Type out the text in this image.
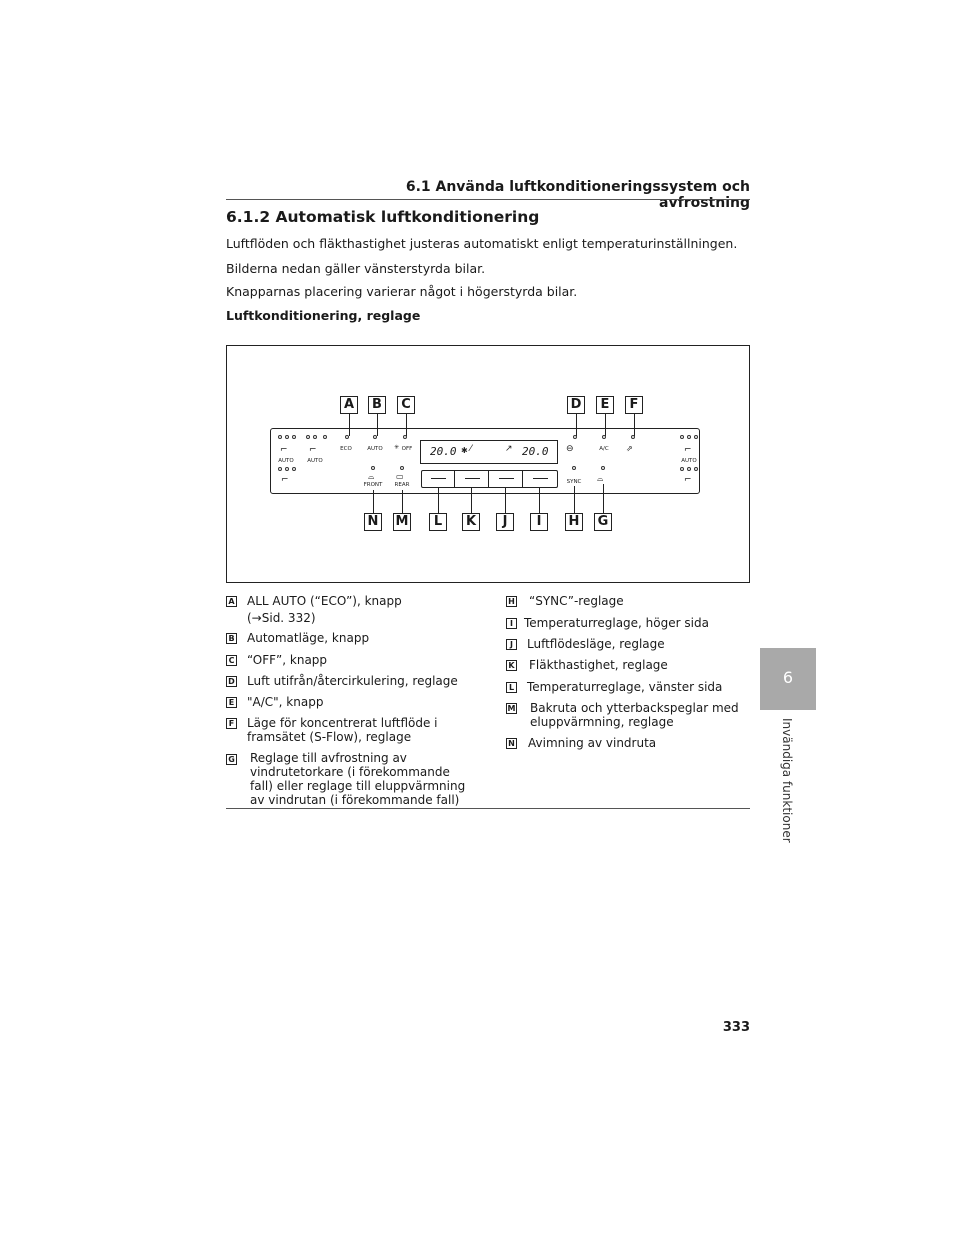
6.1 Använda luftkonditioneringssystem och avfrostning
6.1.2 Automatisk luftkonditionering
Luftflöden och fläkthastighet justeras automatiskt enligt temperaturinställningen.
Bilderna nedan gäller vänsterstyrda bilar.
Knapparnas placering varierar något i högerstyrda bilar.
Luftkonditionering, reglage
A	B	C	D	E	F
⌐
AUTO
⌐
AUTO
⌐
ECO	AUTO	✳ OFF 20.0 ✱ ⁄	↗ 20.0 ⊖	A/C	⇗	⌐
AUTO
⌐
⌓
FRONT
▭
REAR	SYNC	⌓
N M	L	K	J	I	H G
A ALL AUTO (“ECO”), knapp
(→Sid. 332)
B Automatläge, knapp
C “OFF”, knapp
D Luft utifrån/återcirkulering, reglage
E "A/C", knapp
F Läge för koncentrerat luftflöde i
framsätet (S-Flow), reglage
G Reglage till avfrostning av
vindrutetorkare (i förekommande
fall) eller reglage till eluppvärmning
av vindrutan (i förekommande fall)
H “SYNC”-reglage
I Temperaturreglage, höger sida
J	Luftflödesläge, reglage
K Fläkthastighet, reglage
L Temperaturreglage, vänster sida
M Bakruta och ytterbackspeglar med
eluppvärmning, reglage
N Avimning av vindruta
6
Invändiga funktioner
333
